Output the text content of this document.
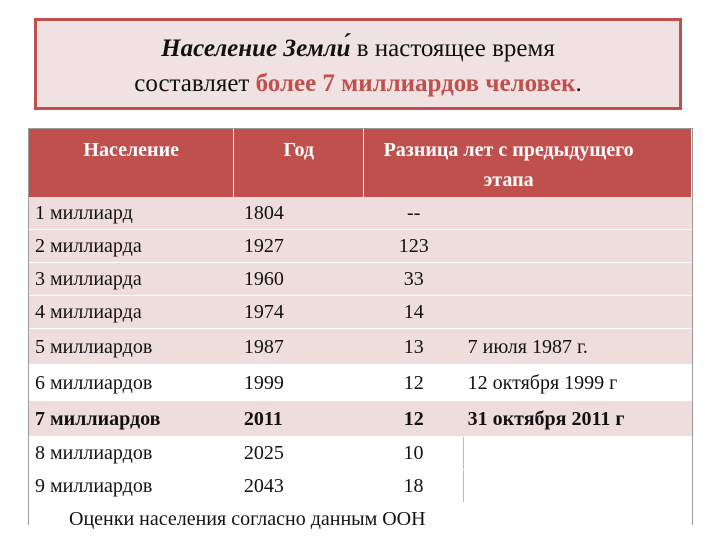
Население Земли́ в настоящее время
составляет более 7 миллиардов человек.
Население	Год	Разница лет с предыдущего этапа	
1 миллиард	1804	--	
2 миллиарда	1927	123	
3 миллиарда	1960	33	
4 миллиарда	1974	14	
5 миллиардов	1987	13	7 июля 1987 г.
6 миллиардов	1999	12	12 октября 1999 г
7 миллиардов	2011	12	31 октября 2011 г
8 миллиардов	2025	10	
9 миллиардов	2043	18	
Оценки населения согласно данным ООН			
